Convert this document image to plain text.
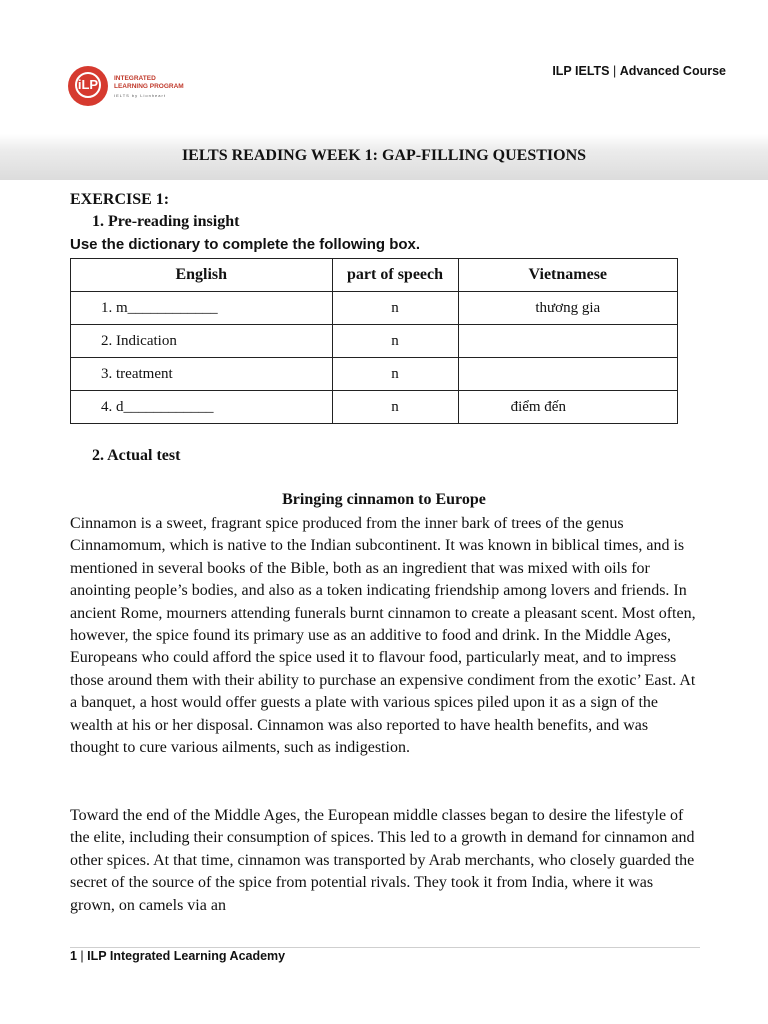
iLP	INTEGRATED
LEARNING PROGRAM
IELTS by Lionheart
ILP IELTS | Advanced Course
IELTS READING WEEK 1: GAP-FILLING QUESTIONS
EXERCISE 1:
1. Pre-reading insight
Use the dictionary to complete the following box.
English	part of speech	Vietnamese
1. m____________	n	thương gia
2. Indication	n	
3. treatment	n	
4. d____________	n	điểm đến
2. Actual test
Bringing cinnamon to Europe
Cinnamon is a sweet, fragrant spice produced from the inner bark of trees of the genus Cinnamomum, which is native to the Indian subcontinent. It was known in biblical times, and is mentioned in several books of the Bible, both as an ingredient that was mixed with oils for anointing people’s bodies, and also as a token indicating friendship among lovers and friends. In ancient Rome, mourners attending funerals burnt cinnamon to create a pleasant scent. Most often, however, the spice found its primary use as an additive to food and drink. In the Middle Ages, Europeans who could afford the spice used it to flavour food, particularly meat, and to impress those around them with their ability to purchase an expensive condiment from the exotic’ East. At a banquet, a host would offer guests a plate with various spices piled upon it as a sign of the wealth at his or her disposal. Cinnamon was also reported to have health benefits, and was thought to cure various ailments, such as indigestion.
Toward the end of the Middle Ages, the European middle classes began to desire the lifestyle of the elite, including their consumption of spices. This led to a growth in demand for cinnamon and other spices. At that time, cinnamon was transported by Arab merchants, who closely guarded the secret of the source of the spice from potential rivals. They took it from India, where it was grown, on camels via an
1 | ILP Integrated Learning Academy
